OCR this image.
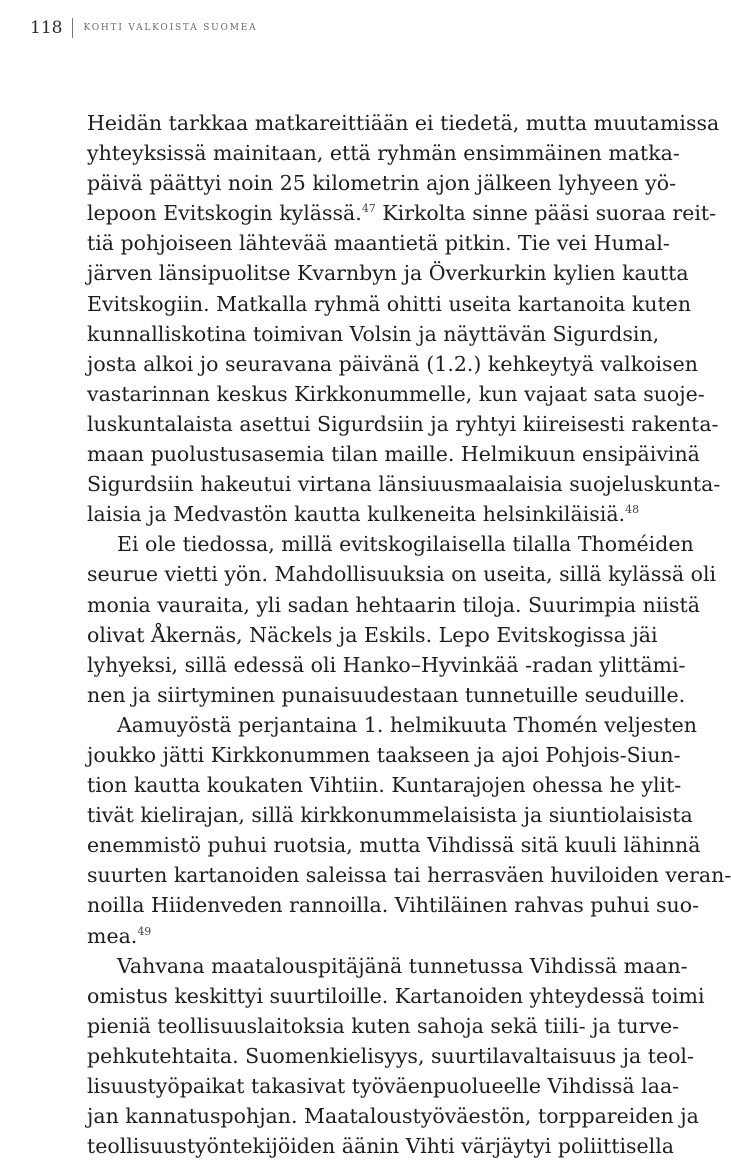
118 KOHTI VALKOISTA SUOMEA
Heidän tarkkaa matkareittiään ei tiedetä, mutta muutamissa
yhteyksissä mainitaan, että ryhmän ensimmäinen matka-
päivä päättyi noin 25 kilometrin ajon jälkeen lyhyeen yö-
lepoon Evitskogin kylässä.$^{47}$ Kirkolta sinne pääsi suoraa reit-
tiä pohjoiseen lähtevää maantietä pitkin. Tie vei Humal-
järven länsipuolitse Kvarnbyn ja Överkurkin kylien kautta
Evitskogiin. Matkalla ryhmä ohitti useita kartanoita kuten
kunnalliskotina toimivan Volsin ja näyttävän Sigurdsin,
josta alkoi jo seuravana päivänä (1.2.) kehkeytyä valkoisen
vastarinnan keskus Kirkkonummelle, kun vajaat sata suoje-
luskuntalaista asettui Sigurdsiin ja ryhtyi kiireisesti rakenta-
maan puolustusasemia tilan maille. Helmikuun ensipäivinä
Sigurdsiin hakeutui virtana länsiuusmaalaisia suojeluskunta-
laisia ja Medvastön kautta kulkeneita helsinkiläisiä.$^{48}$
Ei ole tiedossa, millä evitskogilaisella tilalla Thoméiden
seurue vietti yön. Mahdollisuuksia on useita, sillä kylässä oli
monia vauraita, yli sadan hehtaarin tiloja. Suurimpia niistä
olivat Åkernäs, Näckels ja Eskils. Lepo Evitskogissa jäi
lyhyeksi, sillä edessä oli Hanko–Hyvinkää -radan ylittämi-
nen ja siirtyminen punaisuudestaan tunnetuille seuduille.
Aamuyöstä perjantaina 1. helmikuuta Thomén veljesten
joukko jätti Kirkkonummen taakseen ja ajoi Pohjois-Siun-
tion kautta koukaten Vihtiin. Kuntarajojen ohessa he ylit-
tivät kielirajan, sillä kirkkonummelaisista ja siuntiolaisista
enemmistö puhui ruotsia, mutta Vihdissä sitä kuuli lähinnä
suurten kartanoiden saleissa tai herrasväen huviloiden veran-
noilla Hiidenveden rannoilla. Vihtiläinen rahvas puhui suo-
mea.$^{49}$
Vahvana maatalouspitäjänä tunnetussa Vihdissä maan-
omistus keskittyi suurtiloille. Kartanoiden yhteydessä toimi
pieniä teollisuuslaitoksia kuten sahoja sekä tiili- ja turve-
pehkutehtaita. Suomenkielisyys, suurtilavaltaisuus ja teol-
lisuustyöpaikat takasivat työväenpuolueelle Vihdissä laa-
jan kannatuspohjan. Maataloustyöväestön, torppareiden ja
teollisuustyöntekijöiden äänin Vihti värjäytyi poliittisella
